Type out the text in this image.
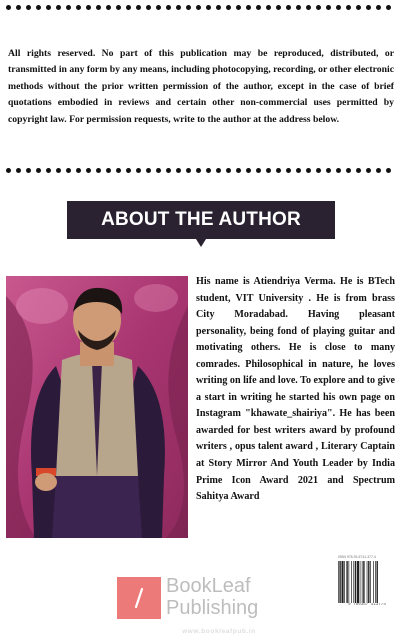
All rights reserved. No part of this publication may be reproduced, distributed, or transmitted in any form by any means, including photocopying, recording, or other electronic methods without the prior written permission of the author, except in the case of brief quotations embodied in reviews and certain other non-commercial uses permitted by copyright law. For permission requests, write to the author at the address below.

ABOUT THE AUTHOR

His name is Atiendriya Verma. He is BTech student, VIT University . He is from brass City Moradabad. Having pleasant personality, being fond of playing guitar and motivating others. He is close to many comrades. Philosophical in nature, he loves writing on life and love. To explore and to give a start in writing he started his own page on Instagram "khawate_shairiya". He has been awarded for best writers award by profound writers , opus talent award , Literary Captain at Story Mirror And Youth Leader by India Prime Icon Award 2021 and Spectrum Sahitya Award

BookLeaf
Publishing
www.bookleafpub.in
ISBN 978-93-5741-377-4
9 789357 413774
